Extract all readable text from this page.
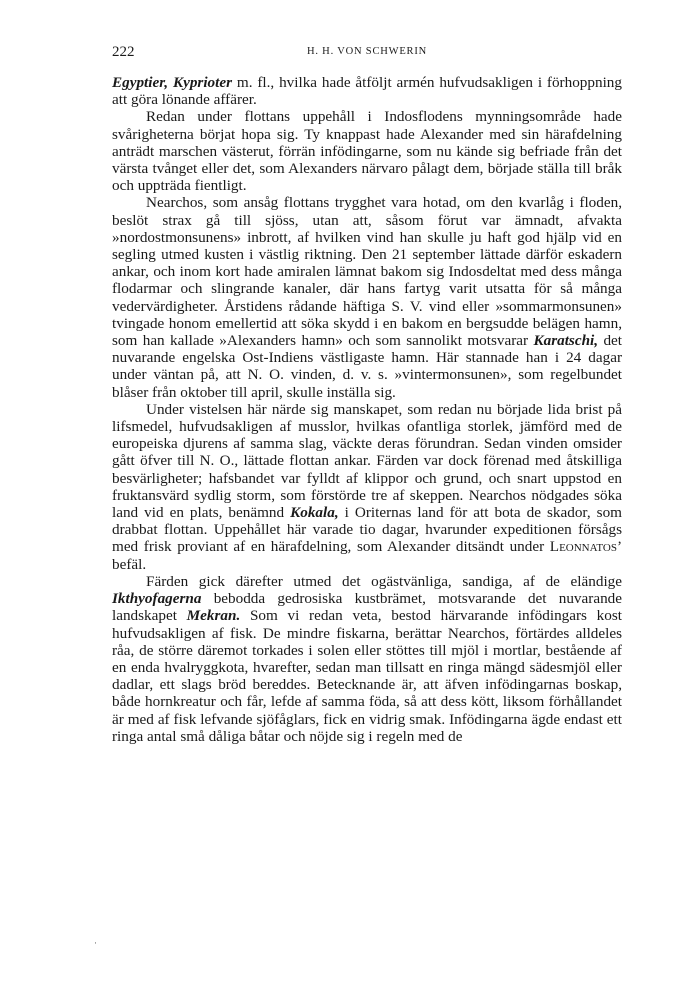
222	H. H. VON SCHWERIN

Egyptier, Kyprioter m. fl., hvilka hade åtföljt armén hufvudsakligen i förhoppning att göra lönande affärer.

Redan under flottans uppehåll i Indosflodens mynningsområde hade svårigheterna börjat hopa sig. Ty knappast hade Alexander med sin härafdelning anträdt marschen västerut, förrän infödingarne, som nu kände sig befriade från det värsta tvånget eller det, som Alexanders närvaro pålagt dem, började ställa till bråk och uppträda fientligt.

Nearchos, som ansåg flottans trygghet vara hotad, om den kvarlåg i floden, beslöt strax gå till sjöss, utan att, såsom förut var ämnadt, afvakta »nordostmonsunens» inbrott, af hvilken vind han skulle ju haft god hjälp vid en segling utmed kusten i västlig riktning. Den 21 september lättade därför eskadern ankar, och inom kort hade amiralen lämnat bakom sig Indosdeltat med dess många flodarmar och slingrande kanaler, där hans fartyg varit utsatta för så många vedervärdigheter. Årstidens rådande häftiga S. V. vind eller »sommarmonsunen» tvingade honom emellertid att söka skydd i en bakom en bergsudde belägen hamn, som han kallade »Alexanders hamn» och som sannolikt motsvarar Karatschi, det nuvarande engelska Ost-Indiens västligaste hamn. Här stannade han i 24 dagar under väntan på, att N. O. vinden, d. v. s. »vintermonsunen», som regelbundet blåser från oktober till april, skulle inställa sig.

Under vistelsen här närde sig manskapet, som redan nu började lida brist på lifsmedel, hufvudsakligen af musslor, hvilkas ofantliga storlek, jämförd med de europeiska djurens af samma slag, väckte deras förundran. Sedan vinden omsider gått öfver till N. O., lättade flottan ankar. Färden var dock förenad med åtskilliga besvärligheter; hafsbandet var fylldt af klippor och grund, och snart uppstod en fruktansvärd sydlig storm, som förstörde tre af skeppen. Nearchos nödgades söka land vid en plats, benämnd Kokala, i Oriternas land för att bota de skador, som drabbat flottan. Uppehållet här varade tio dagar, hvarunder expeditionen försågs med frisk proviant af en härafdelning, som Alexander ditsändt under Leonnatos’ befäl.

Färden gick därefter utmed det ogästvänliga, sandiga, af de eländige Ikthyofagerna bebodda gedrosiska kustbrämet, motsvarande det nuvarande landskapet Mekran. Som vi redan veta, bestod härvarande infödingars kost hufvudsakligen af fisk. De mindre fiskarna, berättar Nearchos, förtärdes alldeles råa, de större däremot torkades i solen eller stöttes till mjöl i mortlar, bestående af en enda hvalryggkota, hvarefter, sedan man tillsatt en ringa mängd sädesmjöl eller dadlar, ett slags bröd bereddes. Betecknande är, att äfven infödingarnas boskap, både hornkreatur och får, lefde af samma föda, så att dess kött, liksom förhållandet är med af fisk lefvande sjöfåglars, fick en vidrig smak. Infödingarna ägde endast ett ringa antal små dåliga båtar och nöjde sig i regeln med de

·
